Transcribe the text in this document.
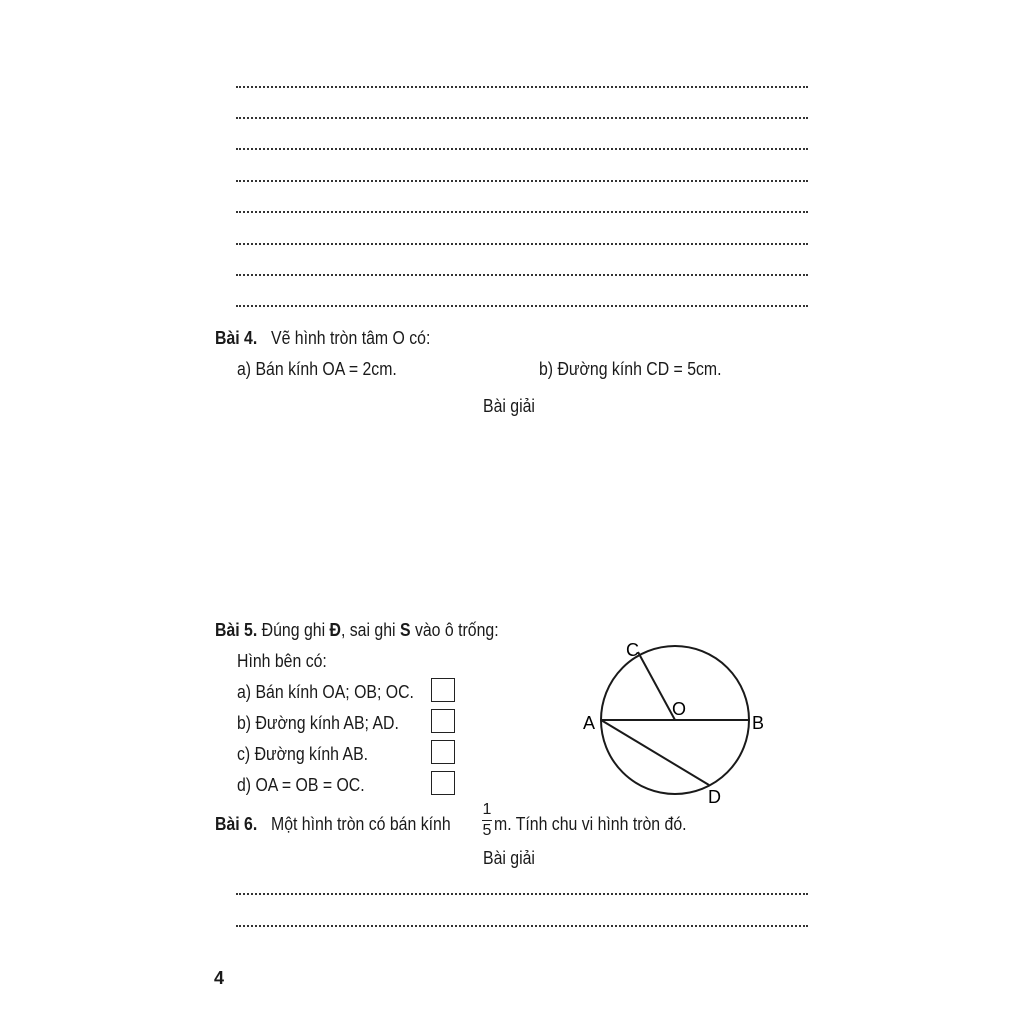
Bài 4. Vẽ hình tròn tâm O có:
a) Bán kính OA = 2cm.	b) Đường kính CD = 5cm.
Bài giải
Bài 5. Đúng ghi Đ, sai ghi S vào ô trống:
Hình bên có:
a) Bán kính OA; OB; OC.
b) Đường kính AB; AD.
c) Đường kính AB.
d) OA = OB = OC.
C
O
A	B
D
Bài 6. Một hình tròn có bán kính
1
5 m. Tính chu vi hình tròn đó.
Bài giải
4
